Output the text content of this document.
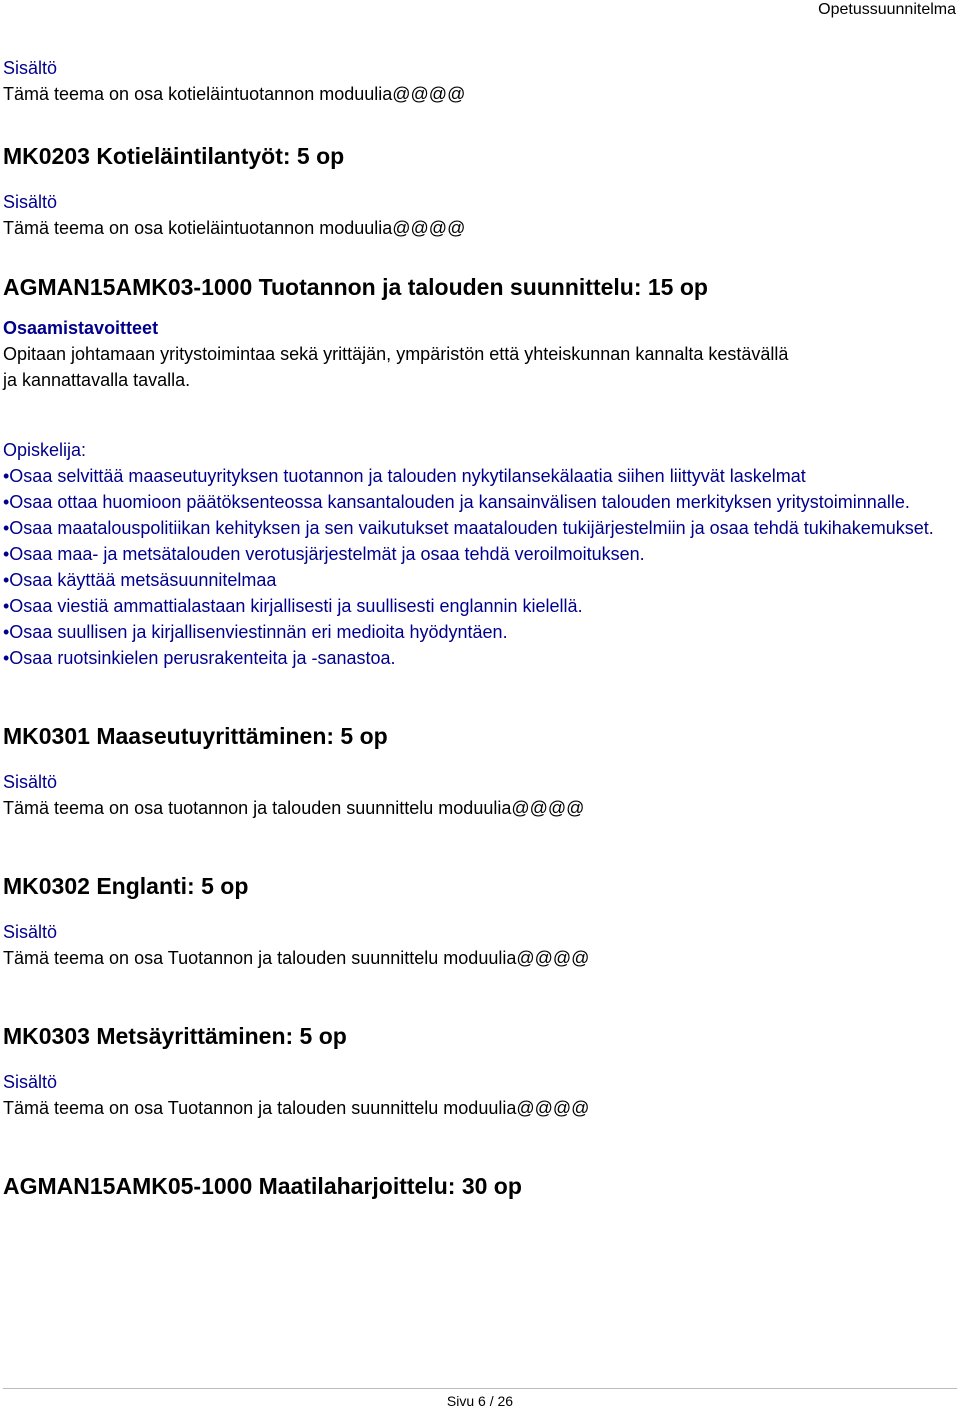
Opetussuunnitelma
Sisältö
Tämä teema on osa kotieläintuotannon moduulia@@@@
MK0203 Kotieläintilantyöt: 5 op
Sisältö
Tämä teema on osa kotieläintuotannon moduulia@@@@
AGMAN15AMK03-1000 Tuotannon ja talouden suunnittelu: 15 op
Osaamistavoitteet
Opitaan johtamaan yritystoimintaa sekä yrittäjän, ympäristön että yhteiskunnan kannalta kestävällä
ja kannattavalla tavalla.
Opiskelija:
•Osaa selvittää maaseutuyrityksen tuotannon ja talouden nykytilansekälaatia siihen liittyvät laskelmat
•Osaa ottaa huomioon päätöksenteossa kansantalouden ja kansainvälisen talouden merkityksen yritystoiminnalle.
•Osaa maatalouspolitiikan kehityksen ja sen vaikutukset maatalouden tukijärjestelmiin ja osaa tehdä tukihakemukset.
•Osaa maa- ja metsätalouden verotusjärjestelmät ja osaa tehdä veroilmoituksen.
•Osaa käyttää metsäsuunnitelmaa
•Osaa viestiä ammattialastaan kirjallisesti ja suullisesti englannin kielellä.
•Osaa suullisen ja kirjallisenviestinnän eri medioita hyödyntäen.
•Osaa ruotsinkielen perusrakenteita ja -sanastoa.
MK0301 Maaseutuyrittäminen: 5 op
Sisältö
Tämä teema on osa tuotannon ja talouden suunnittelu moduulia@@@@
MK0302 Englanti: 5 op
Sisältö
Tämä teema on osa Tuotannon ja talouden suunnittelu moduulia@@@@
MK0303 Metsäyrittäminen: 5 op
Sisältö
Tämä teema on osa Tuotannon ja talouden suunnittelu moduulia@@@@
AGMAN15AMK05-1000 Maatilaharjoittelu: 30 op
Sivu 6 / 26
